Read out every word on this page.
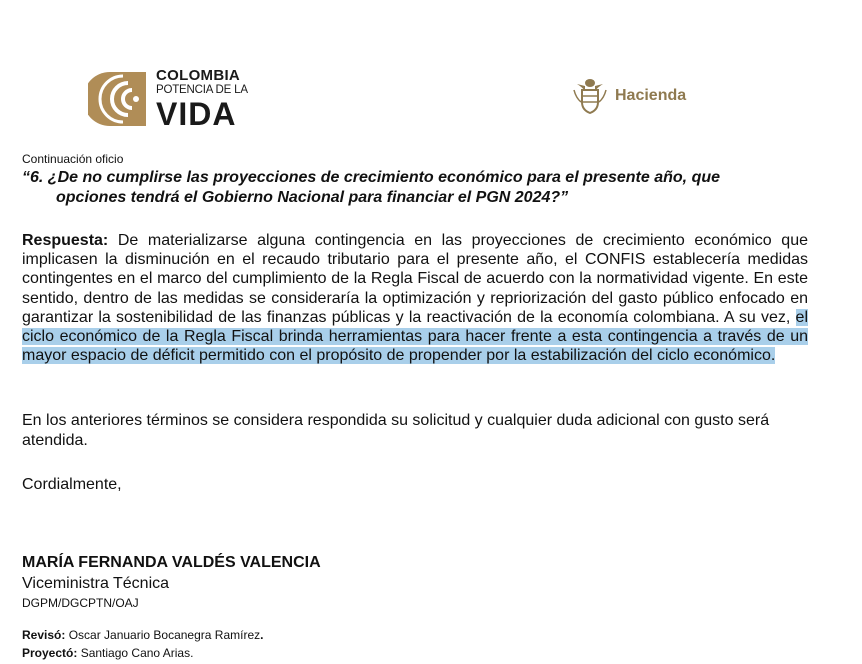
COLOMBIA
POTENCIA DE LA
VIDA	Hacienda
Continuación oficio
“6. ¿De no cumplirse las proyecciones de crecimiento económico para el presente año, que
opciones tendrá el Gobierno Nacional para financiar el PGN 2024?”
Respuesta: De materializarse alguna contingencia en las proyecciones de crecimiento económico que implicasen la disminución en el recaudo tributario para el presente año, el CONFIS establecería medidas contingentes en el marco del cumplimiento de la Regla Fiscal de acuerdo con la normatividad vigente. En este sentido, dentro de las medidas se consideraría la optimización y repriorización del gasto público enfocado en garantizar la sostenibilidad de las finanzas públicas y la reactivación de la economía colombiana. A su vez, el ciclo económico de la Regla Fiscal brinda herramientas para hacer frente a esta contingencia a través de un mayor espacio de déficit permitido con el propósito de propender por la estabilización del ciclo económico.
En los anteriores términos se considera respondida su solicitud y cualquier duda adicional con gusto será atendida.
Cordialmente,
MARÍA FERNANDA VALDÉS VALENCIA
Viceministra Técnica
DGPM/DGCPTN/OAJ
Revisó: Oscar Januario Bocanegra Ramírez.
Proyectó: Santiago Cano Arias.
